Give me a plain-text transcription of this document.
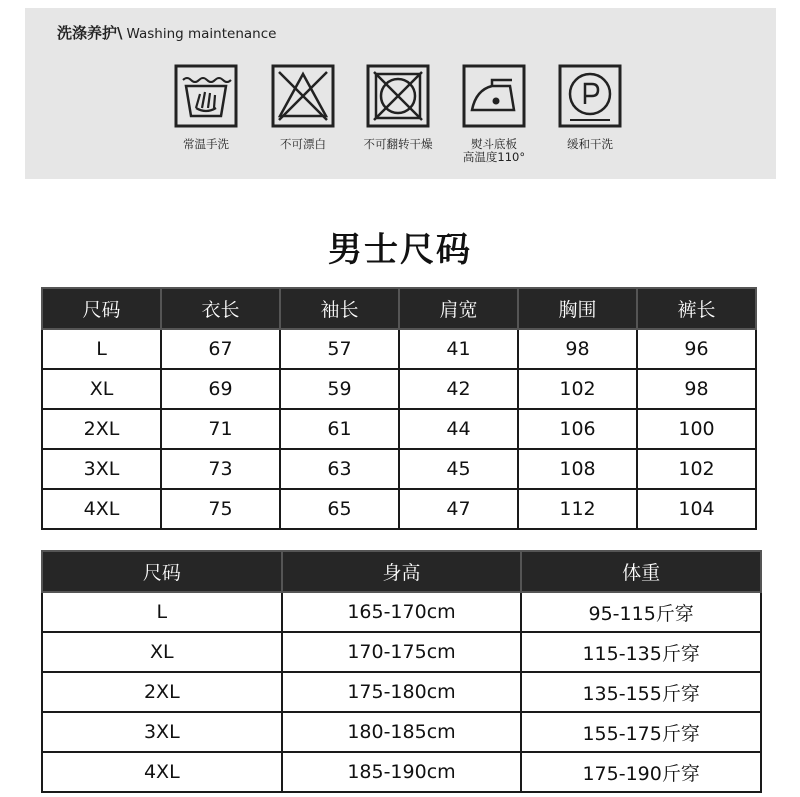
洗涤养护\ Washing maintenance
常温手洗	不可漂白	不可翻转干燥	熨斗底板
高温度110°
缓和干洗
男士尺码
尺码	衣长	袖长	肩宽	胸围	裤长
L	67	57	41	98	96
XL	69	59	42	102	98
2XL	71	61	44	106	100
3XL	73	63	45	108	102
4XL	75	65	47	112	104
尺码	身高	体重
L	165-170cm	95-115斤穿
XL	170-175cm	115-135斤穿
2XL	175-180cm	135-155斤穿
3XL	180-185cm	155-175斤穿
4XL	185-190cm	175-190斤穿
